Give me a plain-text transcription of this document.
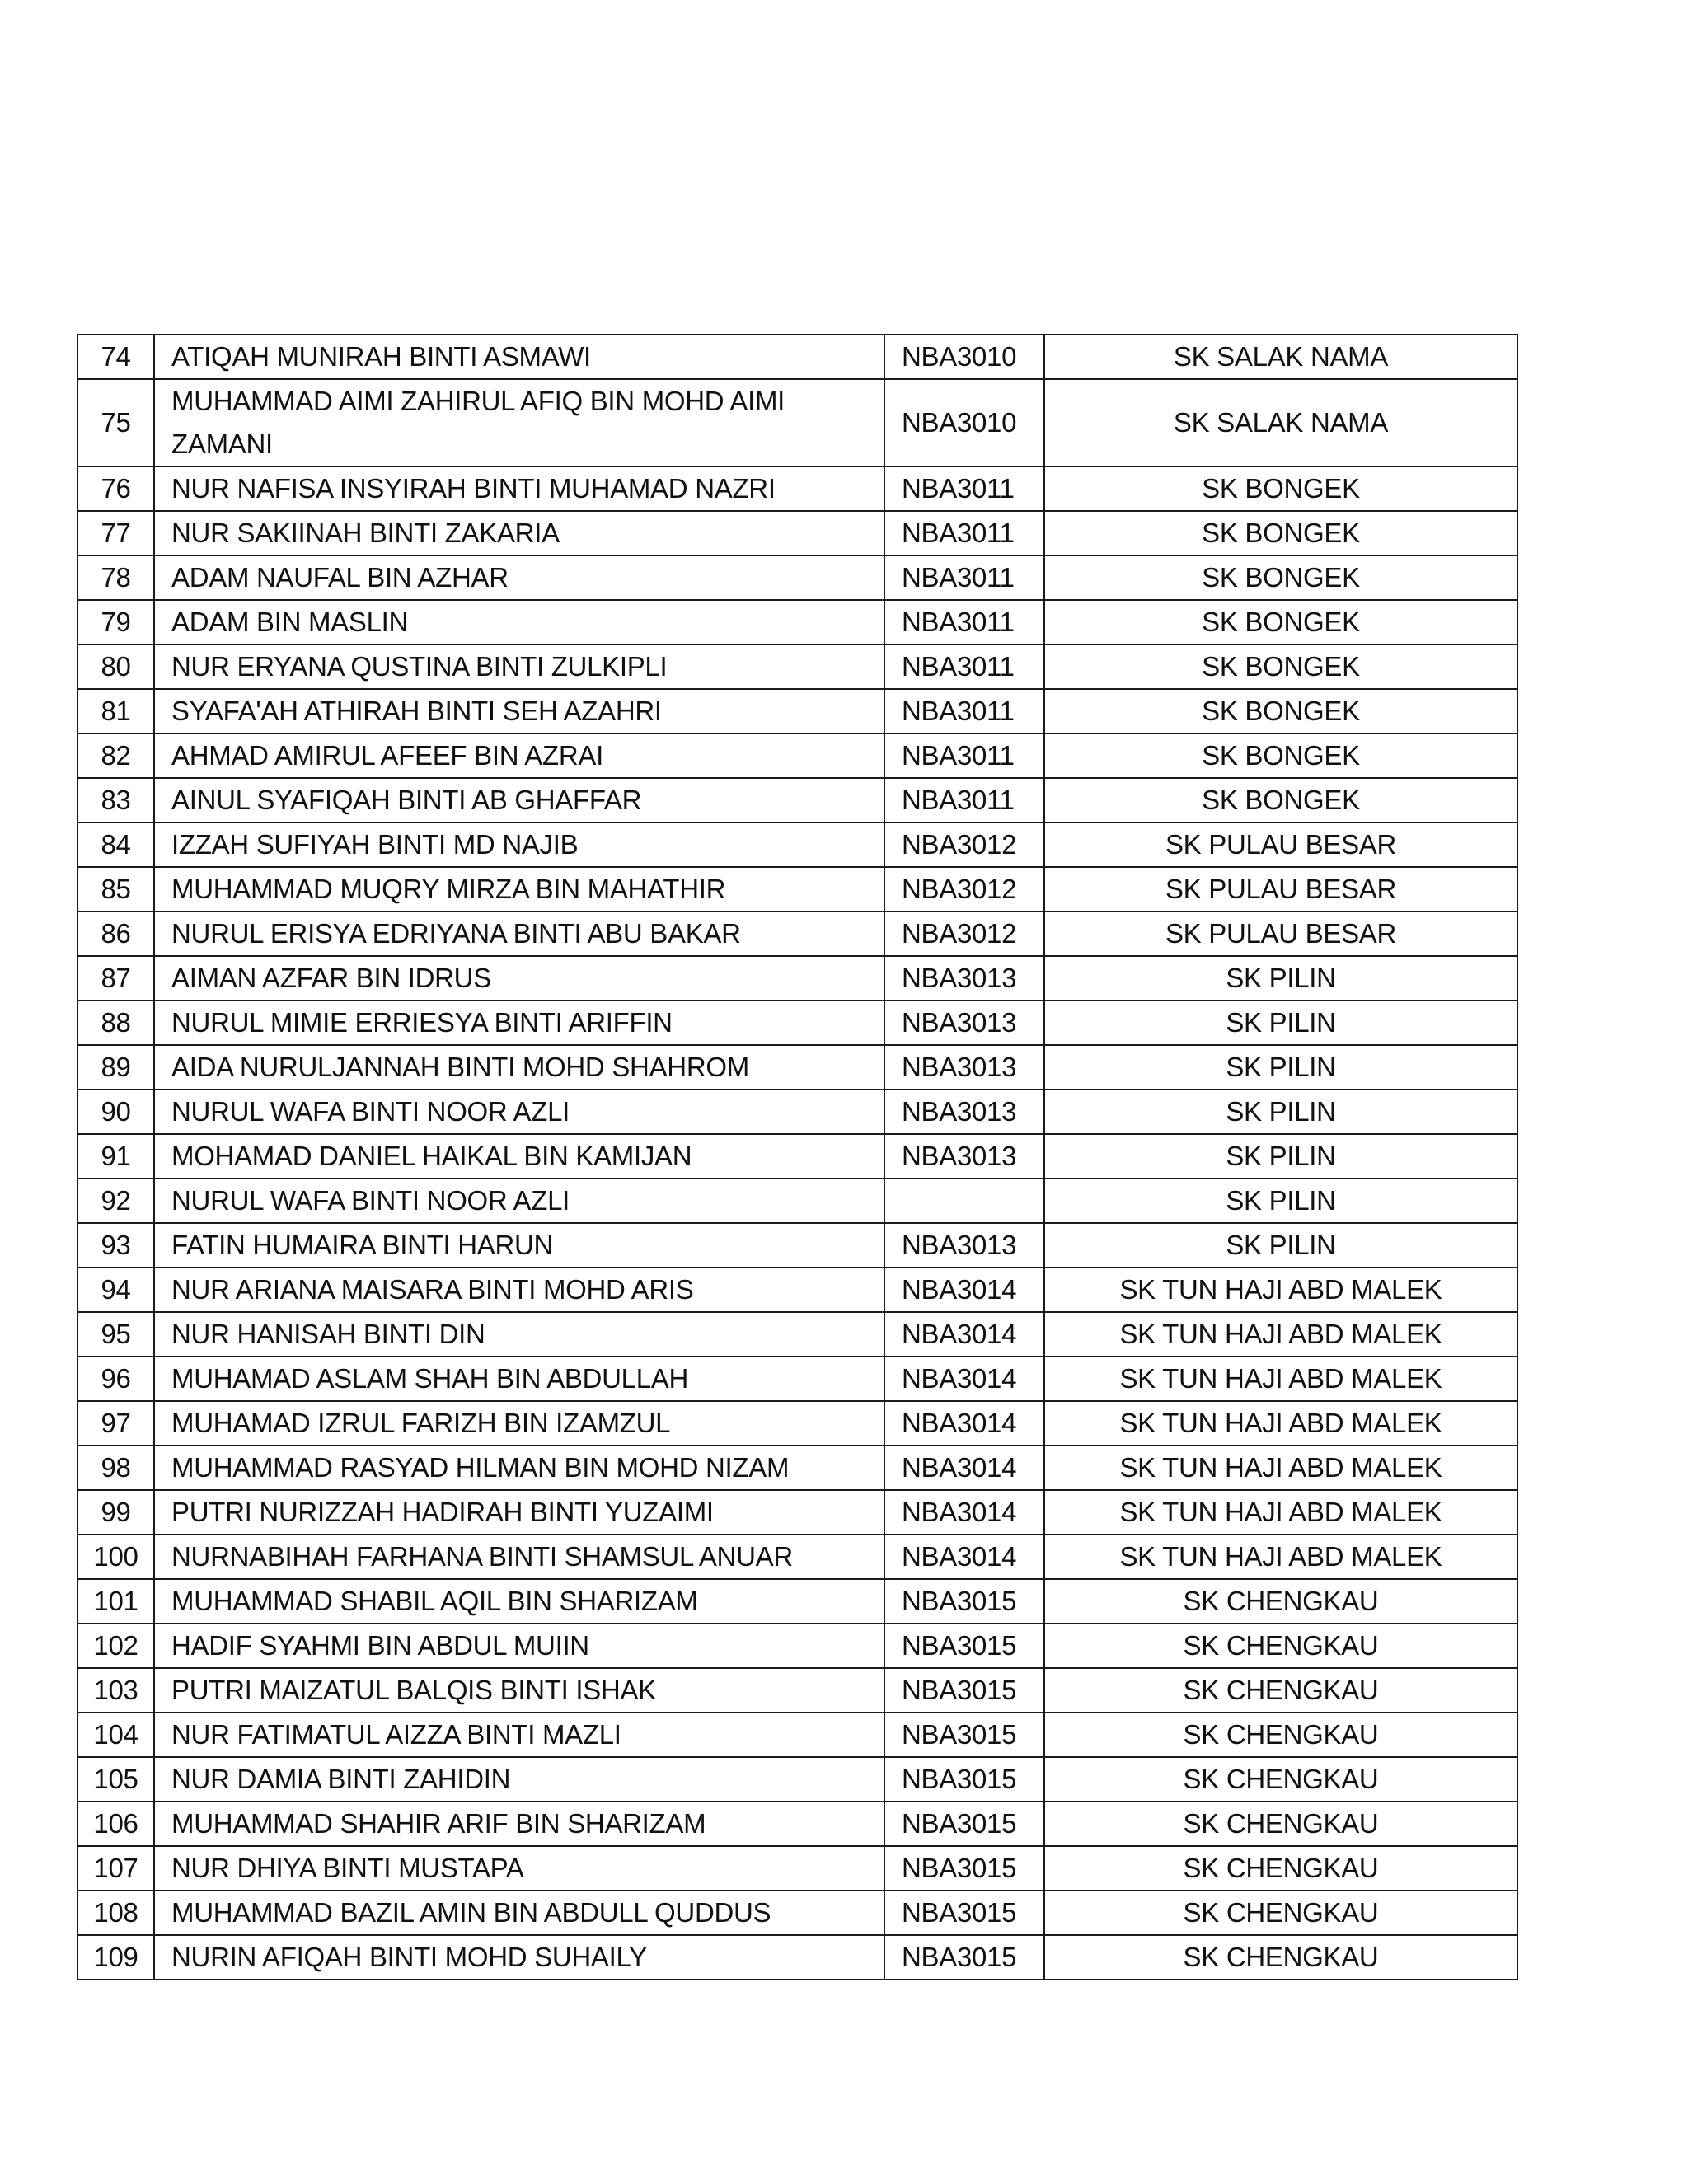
74	ATIQAH MUNIRAH BINTI ASMAWI	NBA3010	SK SALAK NAMA
75	MUHAMMAD AIMI ZAHIRUL AFIQ BIN MOHD AIMI ZAMANI	NBA3010	SK SALAK NAMA
76	NUR NAFISA INSYIRAH BINTI MUHAMAD NAZRI	NBA3011	SK BONGEK
77	NUR SAKIINAH BINTI ZAKARIA	NBA3011	SK BONGEK
78	ADAM NAUFAL BIN AZHAR	NBA3011	SK BONGEK
79	ADAM BIN MASLIN	NBA3011	SK BONGEK
80	NUR ERYANA QUSTINA BINTI ZULKIPLI	NBA3011	SK BONGEK
81	SYAFA'AH ATHIRAH BINTI SEH AZAHRI	NBA3011	SK BONGEK
82	AHMAD AMIRUL AFEEF BIN AZRAI	NBA3011	SK BONGEK
83	AINUL SYAFIQAH BINTI AB GHAFFAR	NBA3011	SK BONGEK
84	IZZAH SUFIYAH BINTI MD NAJIB	NBA3012	SK PULAU BESAR
85	MUHAMMAD MUQRY MIRZA BIN MAHATHIR	NBA3012	SK PULAU BESAR
86	NURUL ERISYA EDRIYANA BINTI ABU BAKAR	NBA3012	SK PULAU BESAR
87	AIMAN AZFAR BIN IDRUS	NBA3013	SK PILIN
88	NURUL MIMIE ERRIESYA BINTI ARIFFIN	NBA3013	SK PILIN
89	AIDA NURULJANNAH BINTI MOHD SHAHROM	NBA3013	SK PILIN
90	NURUL WAFA BINTI NOOR AZLI	NBA3013	SK PILIN
91	MOHAMAD DANIEL HAIKAL BIN KAMIJAN	NBA3013	SK PILIN
92	NURUL WAFA BINTI NOOR AZLI		SK PILIN
93	FATIN HUMAIRA BINTI HARUN	NBA3013	SK PILIN
94	NUR ARIANA MAISARA BINTI MOHD ARIS	NBA3014	SK TUN HAJI ABD MALEK
95	NUR HANISAH BINTI DIN	NBA3014	SK TUN HAJI ABD MALEK
96	MUHAMAD ASLAM SHAH BIN ABDULLAH	NBA3014	SK TUN HAJI ABD MALEK
97	MUHAMAD IZRUL FARIZH BIN IZAMZUL	NBA3014	SK TUN HAJI ABD MALEK
98	MUHAMMAD RASYAD HILMAN BIN MOHD NIZAM	NBA3014	SK TUN HAJI ABD MALEK
99	PUTRI NURIZZAH HADIRAH BINTI YUZAIMI	NBA3014	SK TUN HAJI ABD MALEK
100	NURNABIHAH FARHANA BINTI SHAMSUL ANUAR	NBA3014	SK TUN HAJI ABD MALEK
101	MUHAMMAD SHABIL AQIL BIN SHARIZAM	NBA3015	SK CHENGKAU
102	HADIF SYAHMI BIN ABDUL MUIIN	NBA3015	SK CHENGKAU
103	PUTRI MAIZATUL BALQIS BINTI ISHAK	NBA3015	SK CHENGKAU
104	NUR FATIMATUL AIZZA BINTI MAZLI	NBA3015	SK CHENGKAU
105	NUR DAMIA BINTI ZAHIDIN	NBA3015	SK CHENGKAU
106	MUHAMMAD SHAHIR ARIF BIN SHARIZAM	NBA3015	SK CHENGKAU
107	NUR DHIYA BINTI MUSTAPA	NBA3015	SK CHENGKAU
108	MUHAMMAD BAZIL AMIN BIN ABDULL QUDDUS	NBA3015	SK CHENGKAU
109	NURIN AFIQAH BINTI MOHD SUHAILY	NBA3015	SK CHENGKAU
